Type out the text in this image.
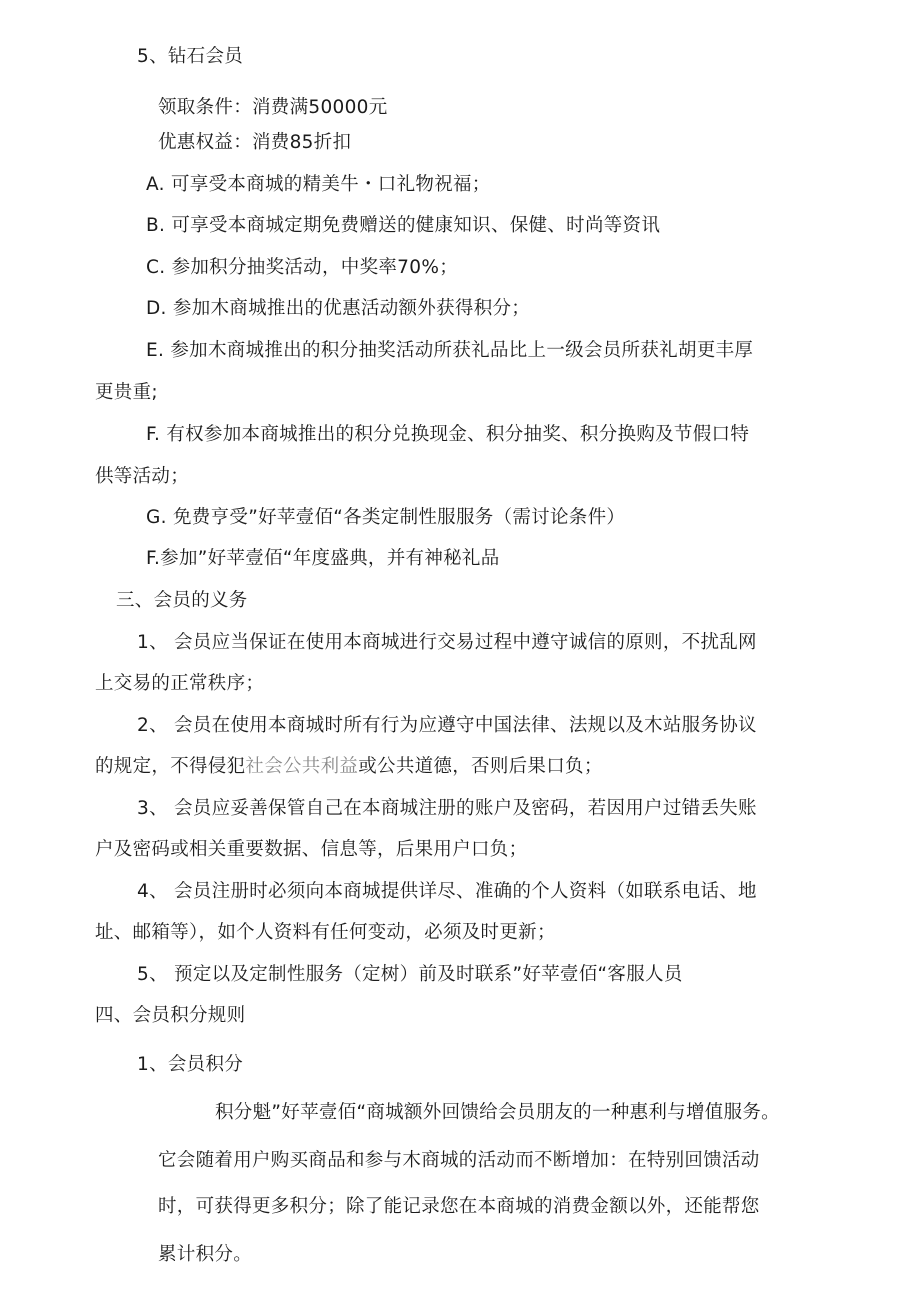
5、钻石会员
领取条件：消费满50000元
优惠权益：消费85折扣
A. 可享受本商城的精美牛・口礼物祝福；
B. 可享受本商城定期免费赠送的健康知识、保健、时尚等资讯
C. 参加积分抽奖活动，中奖率70%；
D. 参加木商城推出的优惠活动额外获得积分；
E. 参加木商城推出的积分抽奖活动所获礼品比上一级会员所获礼胡更丰厚
更贵重;
F. 有权参加本商城推出的积分兑换现金、积分抽奖、积分换购及节假口特
供等活动；
G. 免费亨受”好苹壹佰“各类定制性服服务（需讨论条件）
F.参加”好苹壹佰“年度盛典，并有神秘礼品
三、会员的义务
1、 会员应当保证在使用本商城进行交易过程中遵守诚信的原则，不扰乱网
上交易的正常秩序；
2、 会员在使用本商城时所有行为应遵守中国法律、法规以及木站服务协议
的规定，不得侵犯社会公共利益或公共道德，否则后果口负；
3、 会员应妥善保管自己在本商城注册的账户及密码，若因用户过错丢失账
户及密码或相关重要数据、信息等，后果用户口负；
4、 会员注册时必须向本商城提供详尽、准确的个人资料（如联系电话、地
址、邮箱等），如个人资料有任何变动，必须及时更新；
5、 预定以及定制性服务（定树）前及时联系”好苹壹佰“客服人员
四、会员积分规则
1、会员积分
积分魁”好苹壹佰“商城额外回馈给会员朋友的一种惠利与增值服务。
它会随着用户购买商品和参与木商城的活动而不断增加：在特别回馈活动
时，可获得更多积分；除了能记录您在本商城的消费金额以外，还能帮您
累计积分。
